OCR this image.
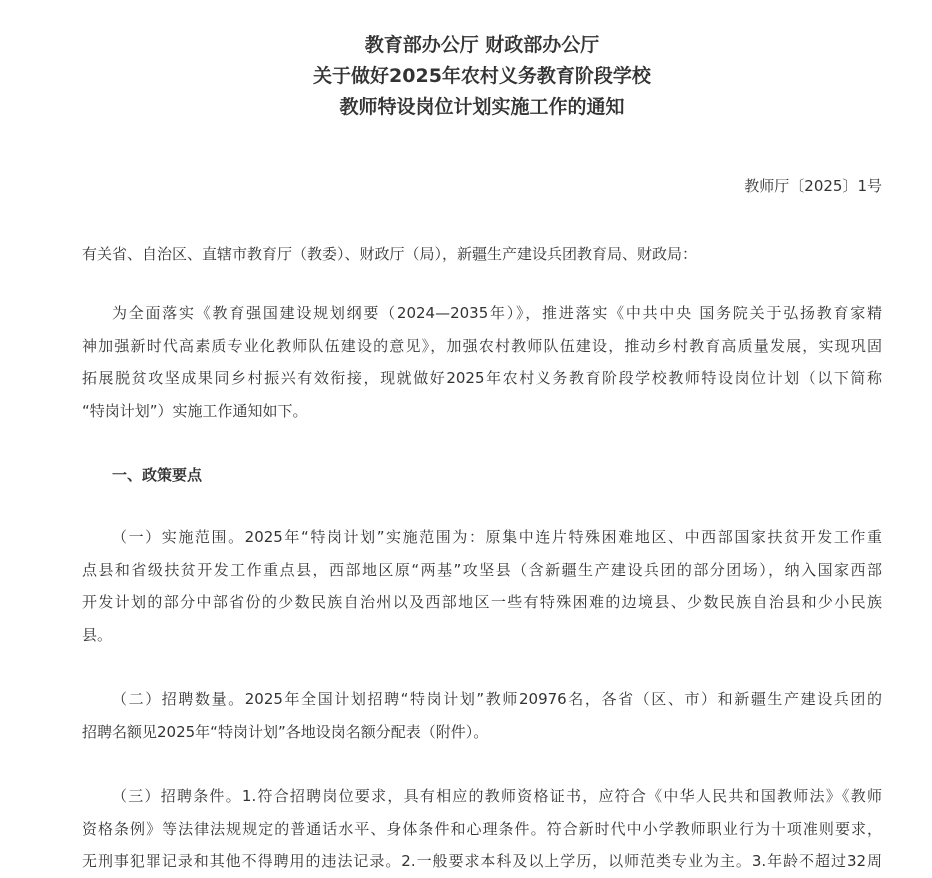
教育部办公厅 财政部办公厅
关于做好2025年农村义务教育阶段学校
教师特设岗位计划实施工作的通知
教师厅〔2025〕1号
有关省、自治区、直辖市教育厅（教委）、财政厅（局），新疆生产建设兵团教育局、财政局：
为全面落实《教育强国建设规划纲要（2024—2035年）》，推进落实《中共中央 国务院关于弘扬教育家精
神加强新时代高素质专业化教师队伍建设的意见》，加强农村教师队伍建设，推动乡村教育高质量发展，实现巩固
拓展脱贫攻坚成果同乡村振兴有效衔接，现就做好2025年农村义务教育阶段学校教师特设岗位计划（以下简称
“特岗计划”）实施工作通知如下。
一、政策要点
（一）实施范围。2025年“特岗计划”实施范围为：原集中连片特殊困难地区、中西部国家扶贫开发工作重
点县和省级扶贫开发工作重点县，西部地区原“两基”攻坚县（含新疆生产建设兵团的部分团场），纳入国家西部
开发计划的部分中部省份的少数民族自治州以及西部地区一些有特殊困难的边境县、少数民族自治县和少小民族
县。
（二）招聘数量。2025年全国计划招聘“特岗计划”教师20976名，各省（区、市）和新疆生产建设兵团的
招聘名额见2025年“特岗计划”各地设岗名额分配表（附件）。
（三）招聘条件。1.符合招聘岗位要求，具有相应的教师资格证书，应符合《中华人民共和国教师法》《教师
资格条例》等法律法规规定的普通话水平、身体条件和心理条件。符合新时代中小学教师职业行为十项准则要求，
无刑事犯罪记录和其他不得聘用的违法记录。2.一般要求本科及以上学历，以师范类专业为主。3.年龄不超过32周
